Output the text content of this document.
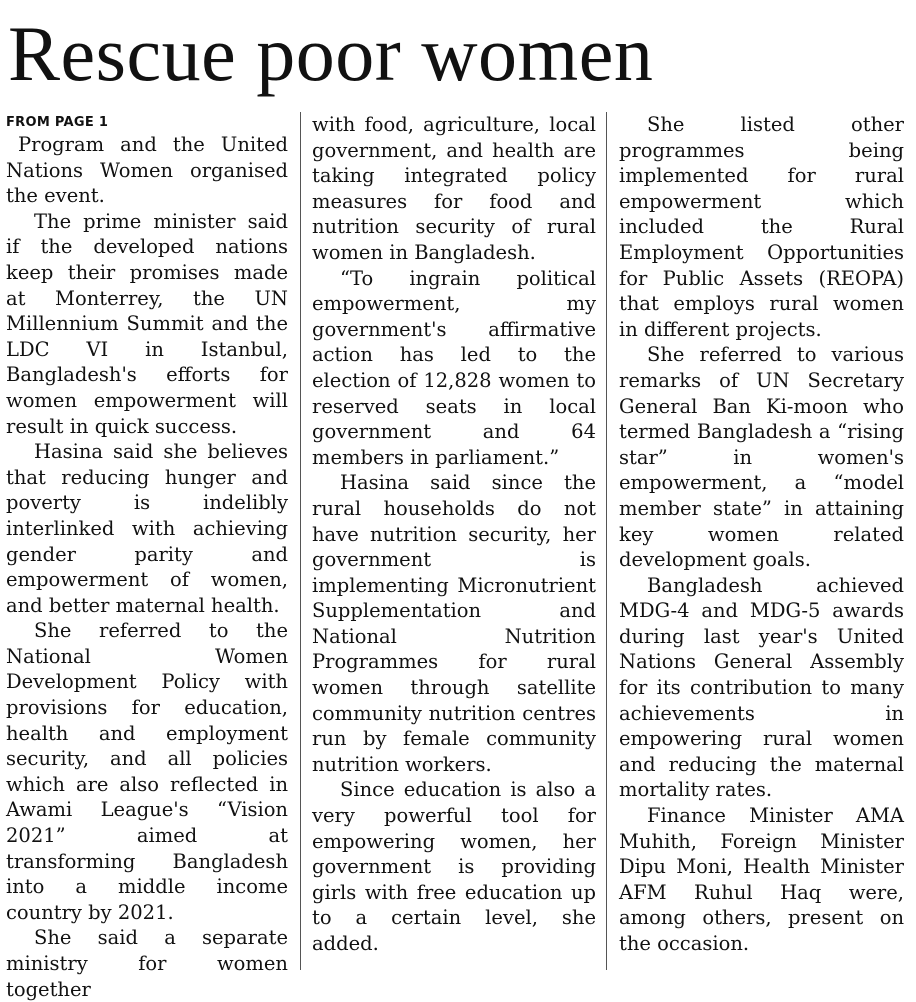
Rescue poor women
FROM PAGE 1

Program and the United Nations Women organised the event.

The prime minister said if the developed nations keep their promises made at Monterrey, the UN Millennium Summit and the LDC VI in Istanbul, Bangladesh's efforts for women empowerment will result in quick success.

Hasina said she believes that reducing hunger and poverty is indelibly interlinked with achieving gender parity and empowerment of women, and better maternal health.

She referred to the National Women Development Policy with provisions for education, health and employment security, and all policies which are also reflected in Awami League's “Vision 2021” aimed at transforming Bangladesh into a middle income country by 2021.

She said a separate ministry for women together

with food, agriculture, local government, and health are taking integrated policy measures for food and nutrition security of rural women in Bangladesh.

“To ingrain political empowerment, my government's affirmative action has led to the election of 12,828 women to reserved seats in local government and 64 members in parliament.”

Hasina said since the rural households do not have nutrition security, her government is implementing Micronutrient Supplementation and National Nutrition Programmes for rural women through satellite community nutrition centres run by female community nutrition workers.

Since education is also a very powerful tool for empowering women, her government is providing girls with free education up to a certain level, she added.

She listed other programmes being implemented for rural empowerment which included the Rural Employment Opportunities for Public Assets (REOPA) that employs rural women in different projects.

She referred to various remarks of UN Secretary General Ban Ki-moon who termed Bangladesh a “rising star” in women's empowerment, a “model member state” in attaining key women related development goals.

Bangladesh achieved MDG-4 and MDG-5 awards during last year's United Nations General Assembly for its contribution to many achievements in empowering rural women and reducing the maternal mortality rates.

Finance Minister AMA Muhith, Foreign Minister Dipu Moni, Health Minister AFM Ruhul Haq were, among others, present on the occasion.
